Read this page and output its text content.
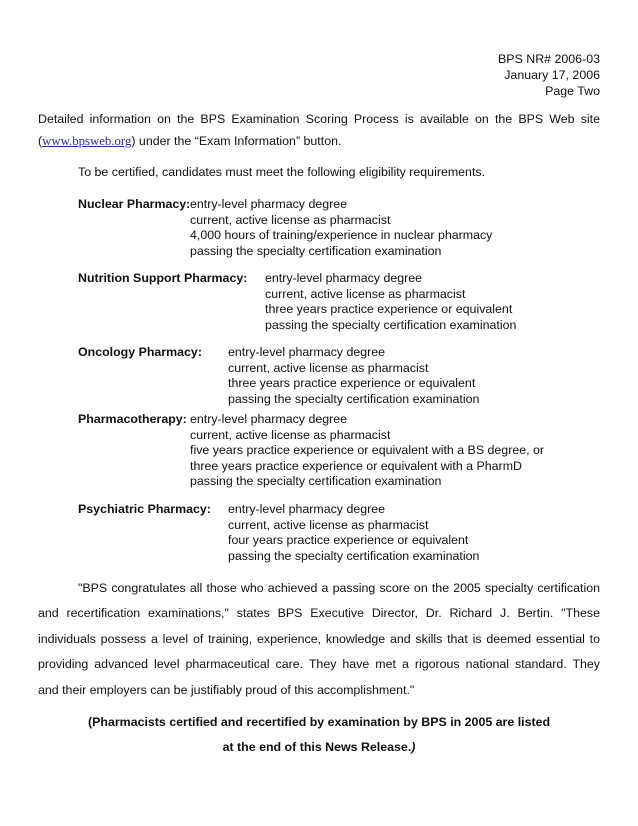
BPS NR# 2006-03
January 17, 2006
Page Two
Detailed information on the BPS Examination Scoring Process is available on the BPS Web site
(www.bpsweb.org) under the “Exam Information” button.
To be certified, candidates must meet the following eligibility requirements.
Nuclear Pharmacy: entry-level pharmacy degree
current, active license as pharmacist
4,000 hours of training/experience in nuclear pharmacy
passing the specialty certification examination
Nutrition Support Pharmacy: entry-level pharmacy degree
current, active license as pharmacist
three years practice experience or equivalent
passing the specialty certification examination
Oncology Pharmacy: entry-level pharmacy degree
current, active license as pharmacist
three years practice experience or equivalent
passing the specialty certification examination
Pharmacotherapy: entry-level pharmacy degree
current, active license as pharmacist
five years practice experience or equivalent with a BS degree, or
three years practice experience or equivalent with a PharmD
passing the specialty certification examination
Psychiatric Pharmacy: entry-level pharmacy degree
current, active license as pharmacist
four years practice experience or equivalent
passing the specialty certification examination
"BPS congratulates all those who achieved a passing score on the 2005 specialty certification
and recertification examinations," states BPS Executive Director, Dr. Richard J. Bertin. "These
individuals possess a level of training, experience, knowledge and skills that is deemed essential to
providing advanced level pharmaceutical care. They have met a rigorous national standard. They
and their employers can be justifiably proud of this accomplishment."
(Pharmacists certified and recertified by examination by BPS in 2005 are listed
at the end of this News Release.)
